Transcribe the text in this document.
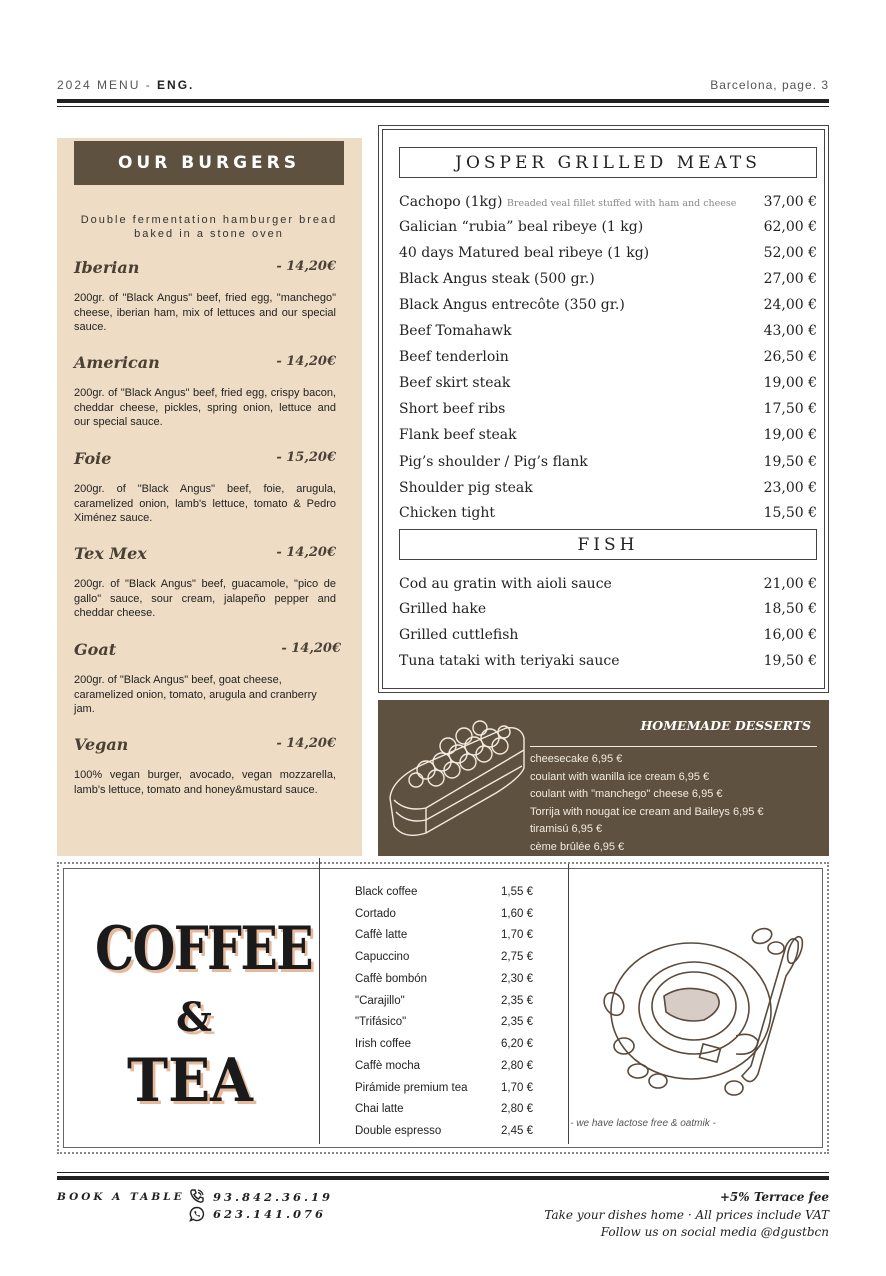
2024 MENU - ENG.	Barcelona, page. 3
OUR BURGERS
Double fermentation hamburger bread baked in a stone oven
Iberian	- 14,20€
200gr. of "Black Angus" beef, fried egg, "manchego" cheese, iberian ham, mix of lettuces and our special sauce.
American	- 14,20€
200gr. of "Black Angus" beef, fried egg, crispy bacon, cheddar cheese, pickles, spring onion, lettuce and our special sauce.
Foie	- 15,20€
200gr. of "Black Angus" beef, foie, arugula, caramelized onion, lamb's lettuce, tomato & Pedro Ximénez sauce.
Tex Mex	- 14,20€
200gr. of "Black Angus" beef, guacamole, "pico de gallo" sauce, sour cream, jalapeño pepper and cheddar cheese.
Goat	- 14,20€
200gr. of "Black Angus" beef, goat cheese, caramelized onion, tomato, arugula and cranberry jam.
Vegan	- 14,20€
100% vegan burger, avocado, vegan mozzarella, lamb's lettuce, tomato and honey&mustard sauce.
JOSPER GRILLED MEATS
Cachopo (1kg) Breaded veal fillet stuffed with ham and cheese 37,00 €
Galician “rubia” beal ribeye (1 kg)	62,00 €
40 days Matured beal ribeye (1 kg)	52,00 €
Black Angus steak (500 gr.)	27,00 €
Black Angus entrecôte (350 gr.)	24,00 €
Beef Tomahawk	43,00 €
Beef tenderloin	26,50 €
Beef skirt steak	19,00 €
Short beef ribs	17,50 €
Flank beef steak	19,00 €
Pig’s shoulder / Pig’s flank	19,50 €
Shoulder pig steak	23,00 €
Chicken tight	15,50 €
FISH
Cod au gratin with aioli sauce	21,00 €
Grilled hake	18,50 €
Grilled cuttlefish	16,00 €
Tuna tataki with teriyaki sauce	19,50 €
HOMEMADE DESSERTS
cheesecake 6,95 €
coulant with wanilla ice cream 6,95 €
coulant with "manchego" cheese 6,95 €
Torrija with nougat ice cream and Baileys 6,95 €
tiramisú 6,95 €
cème brûlée 6,95 €
COFFEE
&
TEA
Black coffee	1,55 €
Cortado	1,60 €
Caffè latte	1,70 €
Capuccino	2,75 €
Caffè bombón	2,30 €
"Carajillo"	2,35 €
"Trifásico"	2,35 €
Irish coffee	6,20 €
Caffè mocha	2,80 €
Pirámide premium tea	1,70 €
Chai latte	2,80 €
Double espresso	2,45 €
- we have lactose free & oatmik -
BOOK A TABLE 93.842.36.19
623.141.076
+5% Terrace fee
Take your dishes home · All prices include VAT
Follow us on social media @dgustbcn
